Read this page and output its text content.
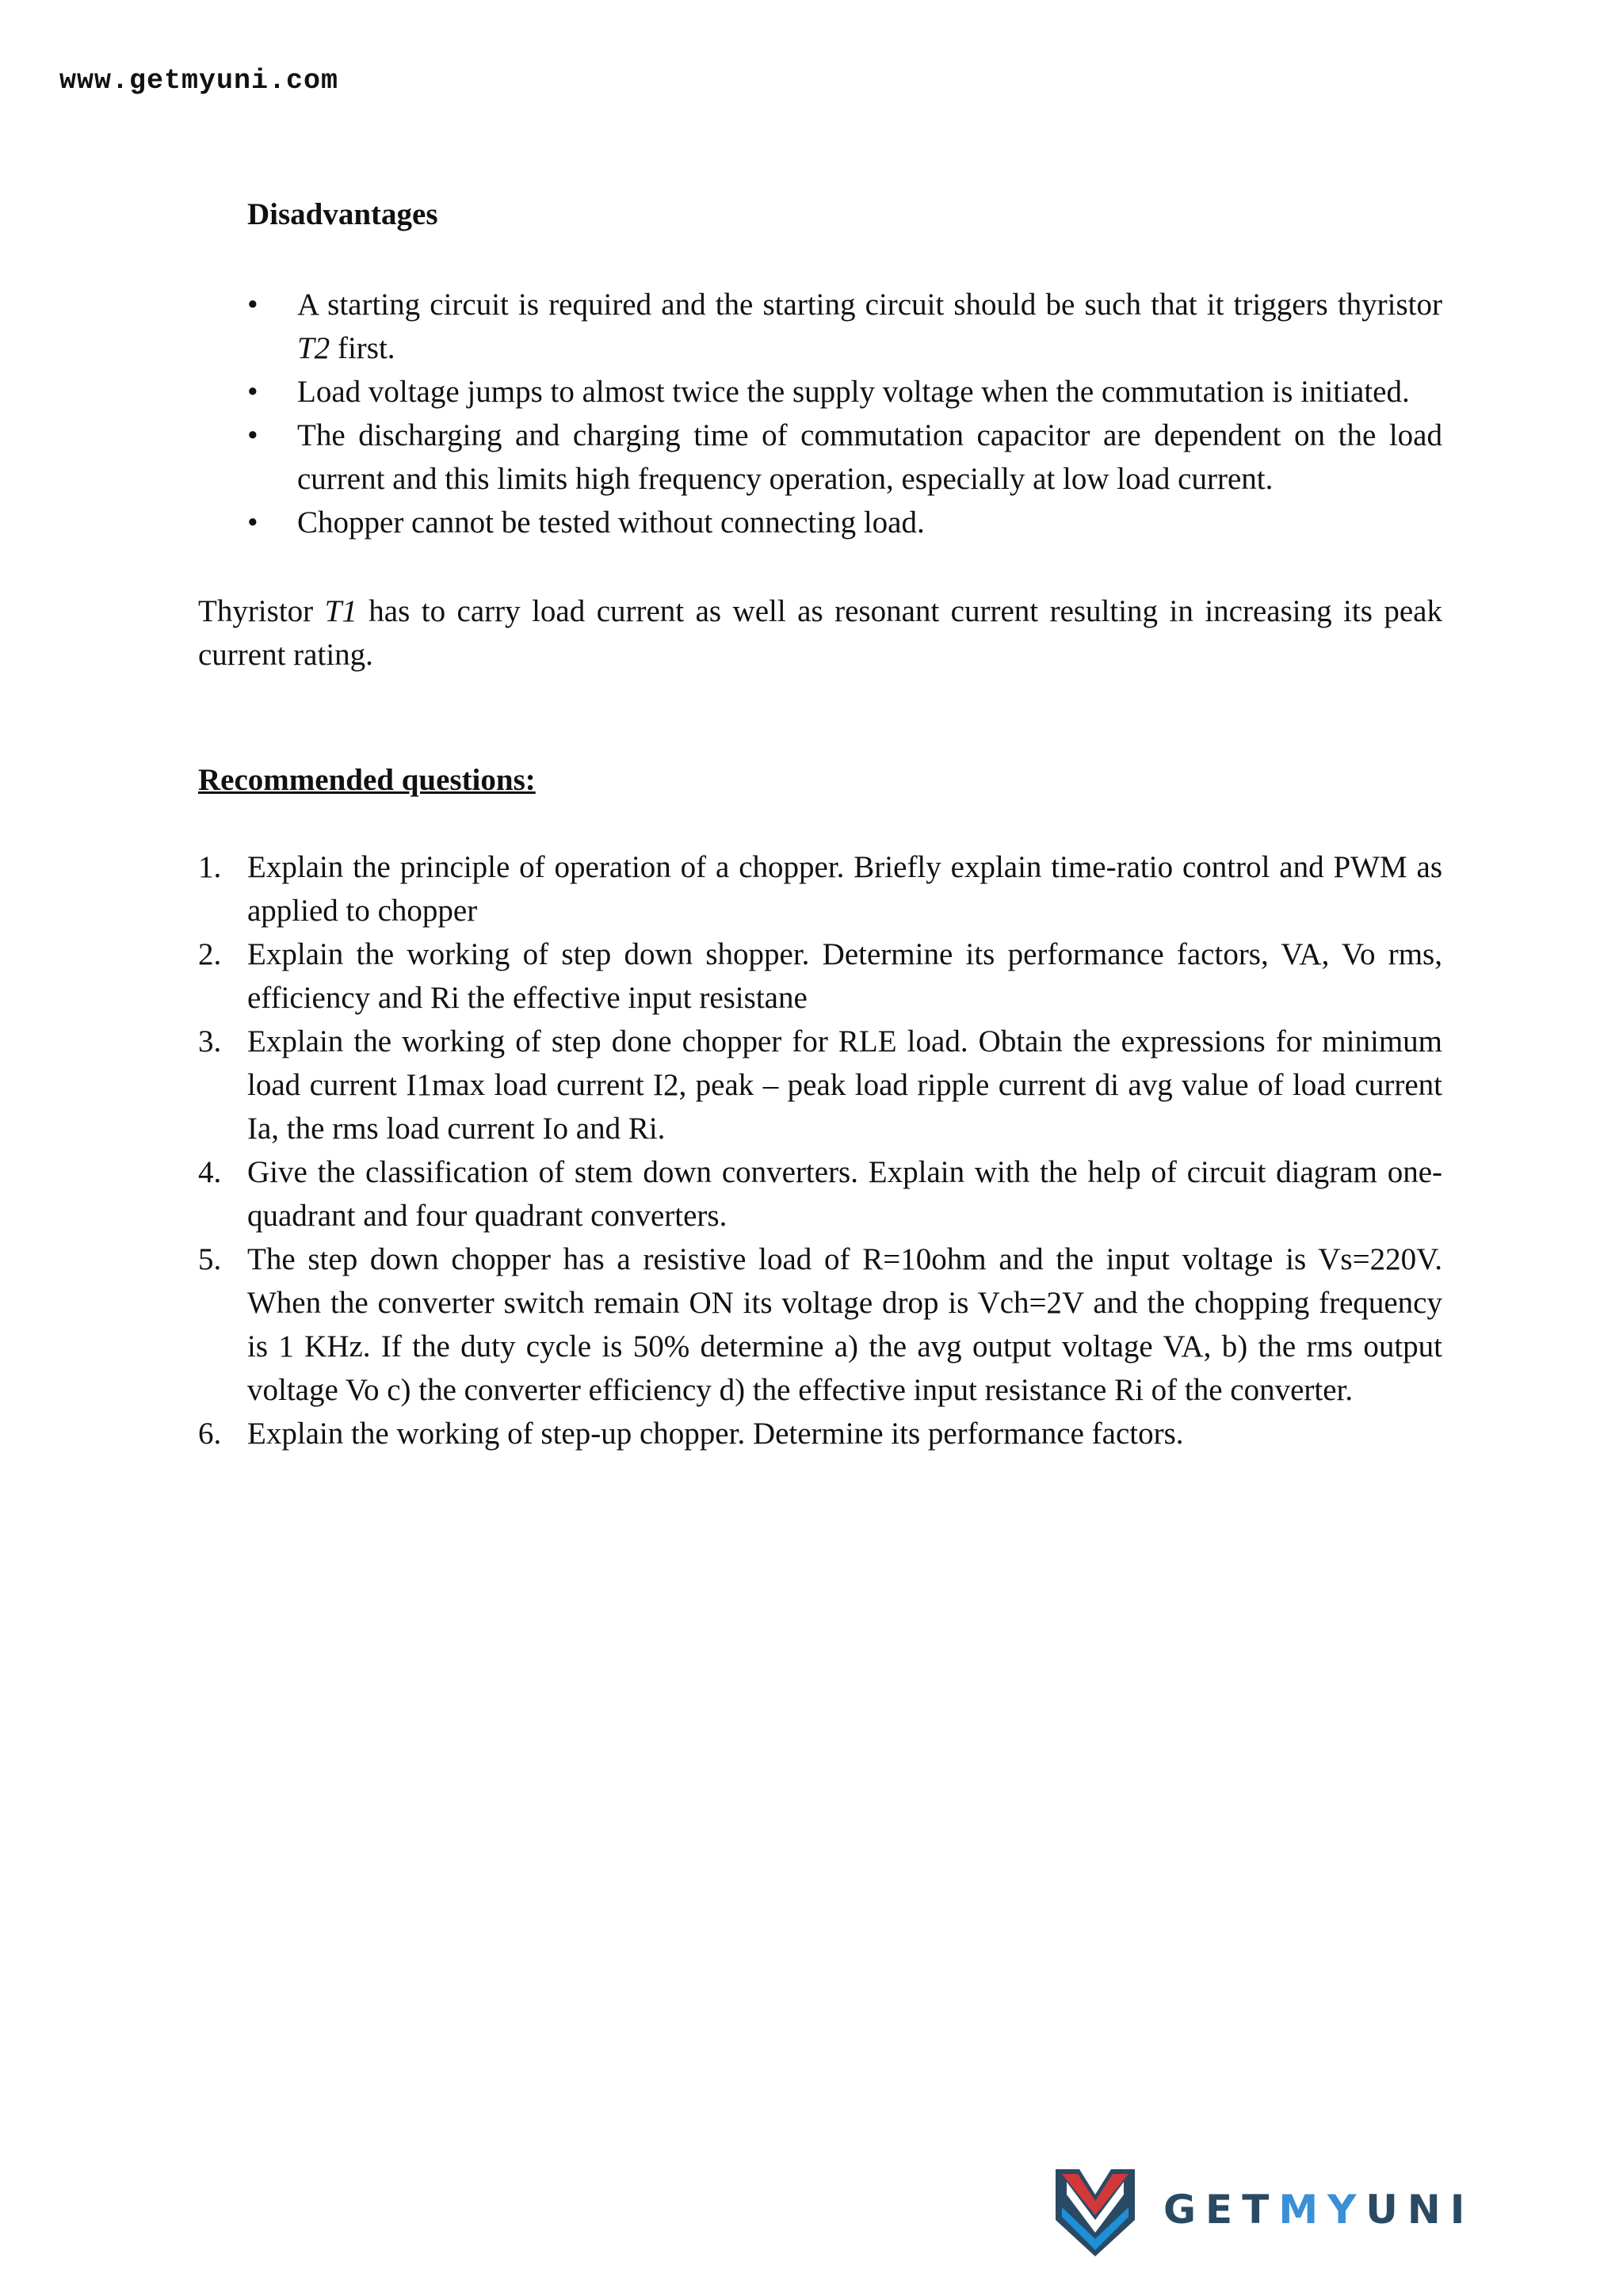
www.getmyuni.com
Disadvantages
• A starting circuit is required and the starting circuit should be such that it triggers thyristor T2 first.
• Load voltage jumps to almost twice the supply voltage when the commutation is initiated.
• The discharging and charging time of commutation capacitor are dependent on the load current and this limits high frequency operation, especially at low load current.
• Chopper cannot be tested without connecting load.

Thyristor T1 has to carry load current as well as resonant current resulting in increasing its peak current rating.

Recommended questions:
1. Explain the principle of operation of a chopper. Briefly explain time-ratio control and PWM as applied to chopper
2. Explain the working of step down shopper. Determine its performance factors, VA, Vo rms, efficiency and Ri the effective input resistane
3. Explain the working of step done chopper for RLE load. Obtain the expressions for minimum load current I1max load current I2, peak – peak load ripple current di avg value of load current Ia, the rms load current Io and Ri.
4. Give the classification of stem down converters. Explain with the help of circuit diagram one-quadrant and four quadrant converters.
5. The step down chopper has a resistive load of R=10ohm and the input voltage is Vs=220V. When the converter switch remain ON its voltage drop is Vch=2V and the chopping frequency is 1 KHz. If the duty cycle is 50% determine a) the avg output voltage VA, b) the rms output voltage Vo c) the converter efficiency d) the effective input resistance Ri of the converter.
6. Explain the working of step-up chopper. Determine its performance factors.
GETMYUNI
